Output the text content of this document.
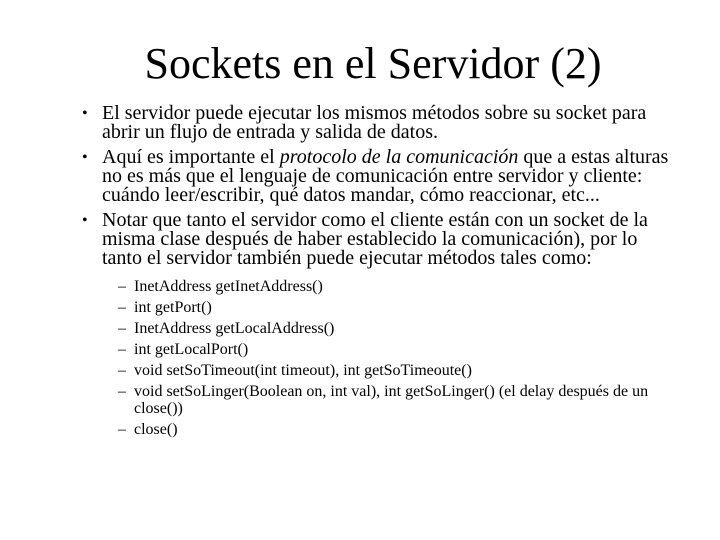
Sockets en el Servidor (2)
• El servidor puede ejecutar los mismos métodos sobre su socket para abrir un flujo de entrada y salida de datos.
• Aquí es importante el protocolo de la comunicación que a estas alturas no es más que el lenguaje de comunicación entre servidor y cliente: cuándo leer/escribir, qué datos mandar, cómo reaccionar, etc...
• Notar que tanto el servidor como el cliente están con un socket de la misma clase después de haber establecido la comunicación), por lo tanto el servidor también puede ejecutar métodos tales como:
– InetAddress getInetAddress()
– int getPort()
– InetAddress getLocalAddress()
– int getLocalPort()
– void setSoTimeout(int timeout), int getSoTimeoute()
– void setSoLinger(Boolean on, int val), int getSoLinger() (el delay después de un close())
– close()
